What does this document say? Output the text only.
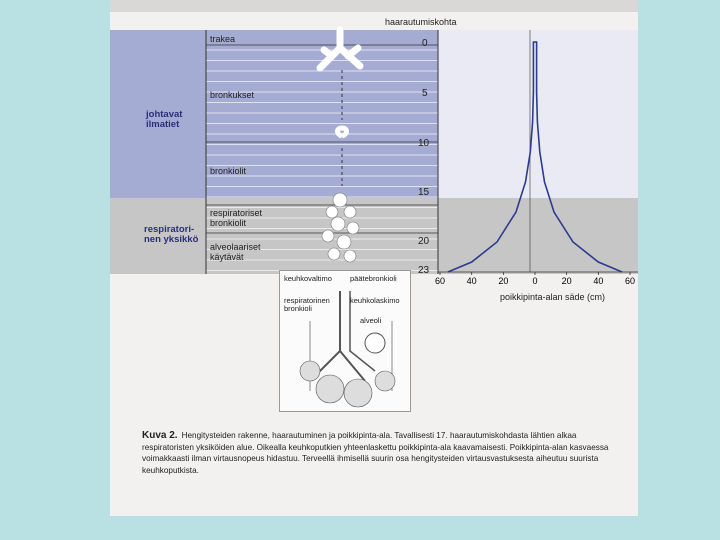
haarautumiskohta
johtavat
ilmatiet
respiratori-
nen yksikkö
trakea
bronkukset
bronkiolit
respiratoriset
bronkiolit
alveolaariset
käytävät
0
5
10
15
20
23
60 40 20	0	20 40 60
poikkipinta-alan säde (cm)
keuhkovaltimo päätebronkioli
respiratorinen
bronkioli
keuhkolaskimo
alveoli
Kuva 2. Hengitysteiden rakenne, haarautuminen ja poikkipinta-ala. Tavallisesti 17. haarautumiskohdasta lähtien alkaa respiratoristen yksiköiden alue. Oikealla keuhkoputkien yhteenlaskettu poikkipinta-ala kaavamaisesti. Poikkipinta-alan kasvaessa voimakkaasti ilman virtausnopeus hidastuu. Terveellä ihmisellä suurin osa hengitysteiden virtausvastuksesta aiheutuu suurista keuhkoputkista.
